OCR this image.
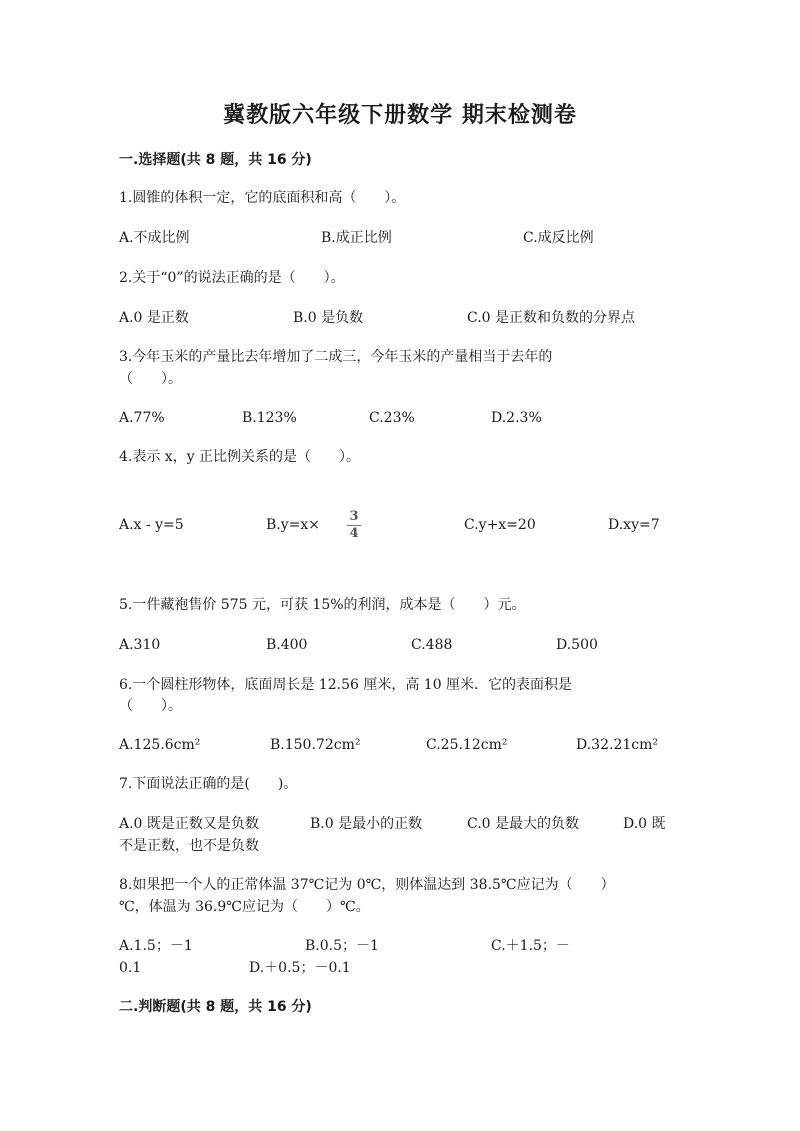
冀教版六年级下册数学 期末检测卷
一.选择题(共 8 题，共 16 分)
1.圆锥的体积一定，它的底面积和高（　　）。
A.不成比例	B.成正比例	C.成反比例
2.关于“0”的说法正确的是（　　）。
A.0 是正数	B.0 是负数	C.0 是正数和负数的分界点
3.今年玉米的产量比去年增加了二成三，今年玉米的产量相当于去年的
（　　）。
A.77%	B.123%	C.23%	D.2.3%
4.表示 x，y 正比例关系的是（　　）。
A.x - y=5	B.y=x×
3
4
C.y+x=20	D.xy=7
5.一件藏袍售价 575 元，可获 15%的利润，成本是（　　）元。
A.310	B.400	C.488	D.500
6.一个圆柱形物体，底面周长是 12.56 厘米，高 10 厘米．它的表面积是
（　　）。
A.125.6cm²	B.150.72cm²	C.25.12cm²	D.32.21cm²
7.下面说法正确的是(　　)。
A.0 既是正数又是负数	B.0 是最小的正数	C.0 是最大的负数	D.0 既
不是正数，也不是负数
8.如果把一个人的正常体温 37℃记为 0℃，则体温达到 38.5℃应记为（　　）
℃，体温为 36.9℃应记为（　　）℃。
A.1.5；－1	B.0.5；－1	C.＋1.5；－
0.1	D.＋0.5；－0.1
二.判断题(共 8 题，共 16 分)
